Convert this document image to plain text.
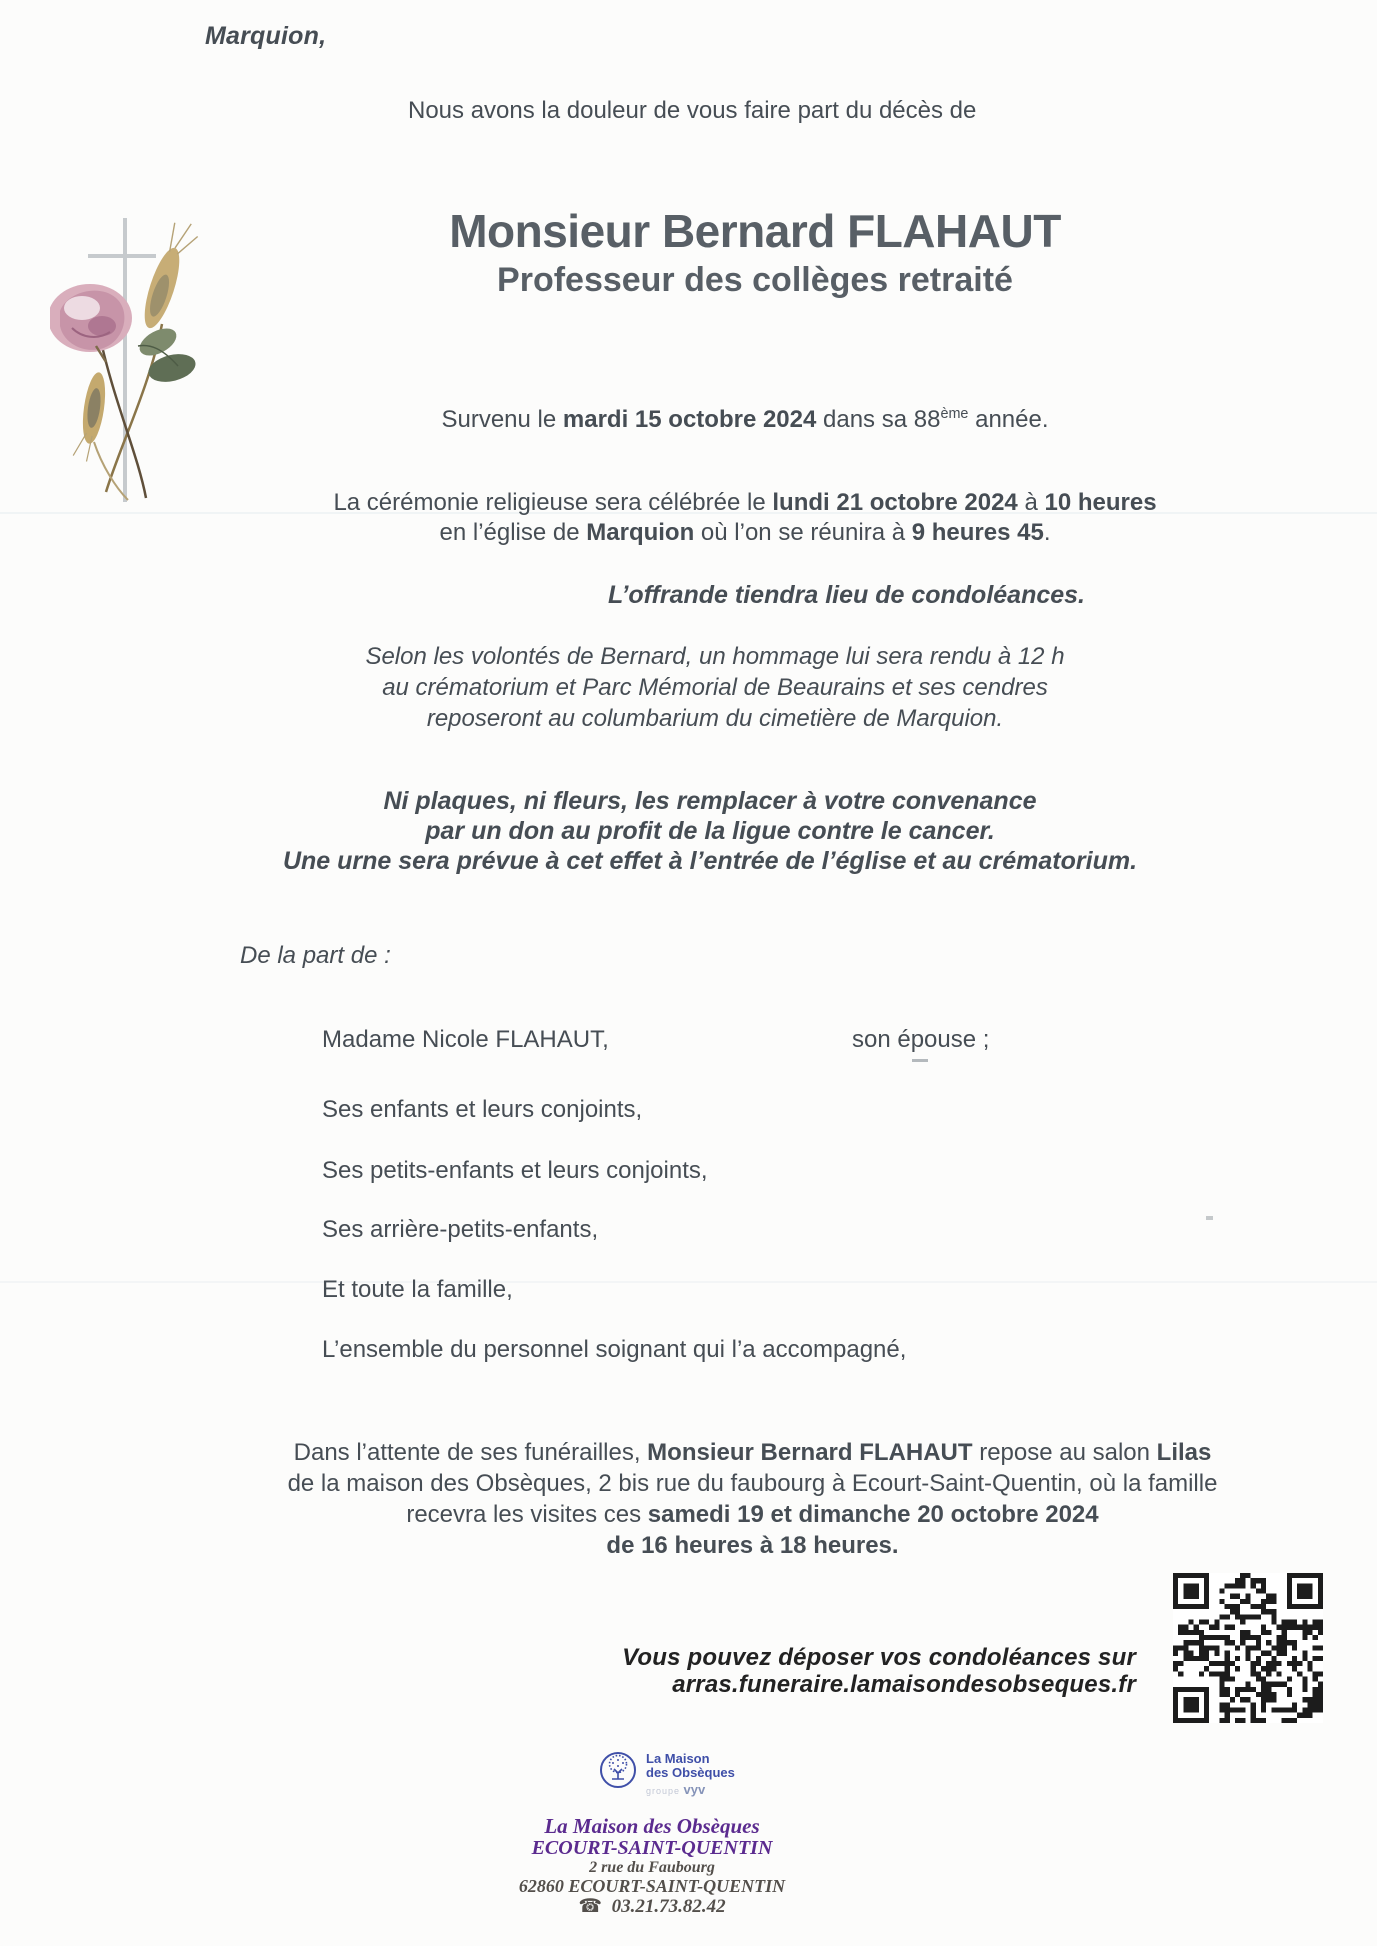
Marquion,
Nous avons la douleur de vous faire part du décès de
Monsieur Bernard FLAHAUT
Professeur des collèges retraité
Survenu le mardi 15 octobre 2024 dans sa 88ème année.
La cérémonie religieuse sera célébrée le lundi 21 octobre 2024 à 10 heures
en l’église de Marquion où l’on se réunira à 9 heures 45.
L’offrande tiendra lieu de condoléances.
Selon les volontés de Bernard, un hommage lui sera rendu à 12 h
au crématorium et Parc Mémorial de Beaurains et ses cendres
reposeront au columbarium du cimetière de Marquion.
Ni plaques, ni fleurs, les remplacer à votre convenance
par un don au profit de la ligue contre le cancer.
Une urne sera prévue à cet effet à l’entrée de l’église et au crématorium.
De la part de :
Madame Nicole FLAHAUT,	son épouse ;
Ses enfants et leurs conjoints,
Ses petits-enfants et leurs conjoints,
Ses arrière-petits-enfants,
Et toute la famille,
L’ensemble du personnel soignant qui l’a accompagné,
Dans l’attente de ses funérailles, Monsieur Bernard FLAHAUT repose au salon Lilas de la maison des Obsèques, 2 bis rue du faubourg à Ecourt-Saint-Quentin, où la famille recevra les visites ces samedi 19 et dimanche 20 octobre 2024
de 16 heures à 18 heures.
Vous pouvez déposer vos condoléances sur
arras.funeraire.lamaisondesobseques.fr
La Maison
des Obsèques
groupe vyv
La Maison des Obsèques
ECOURT-SAINT-QUENTIN
2 rue du Faubourg
62860 ECOURT-SAINT-QUENTIN
☎ 03.21.73.82.42
